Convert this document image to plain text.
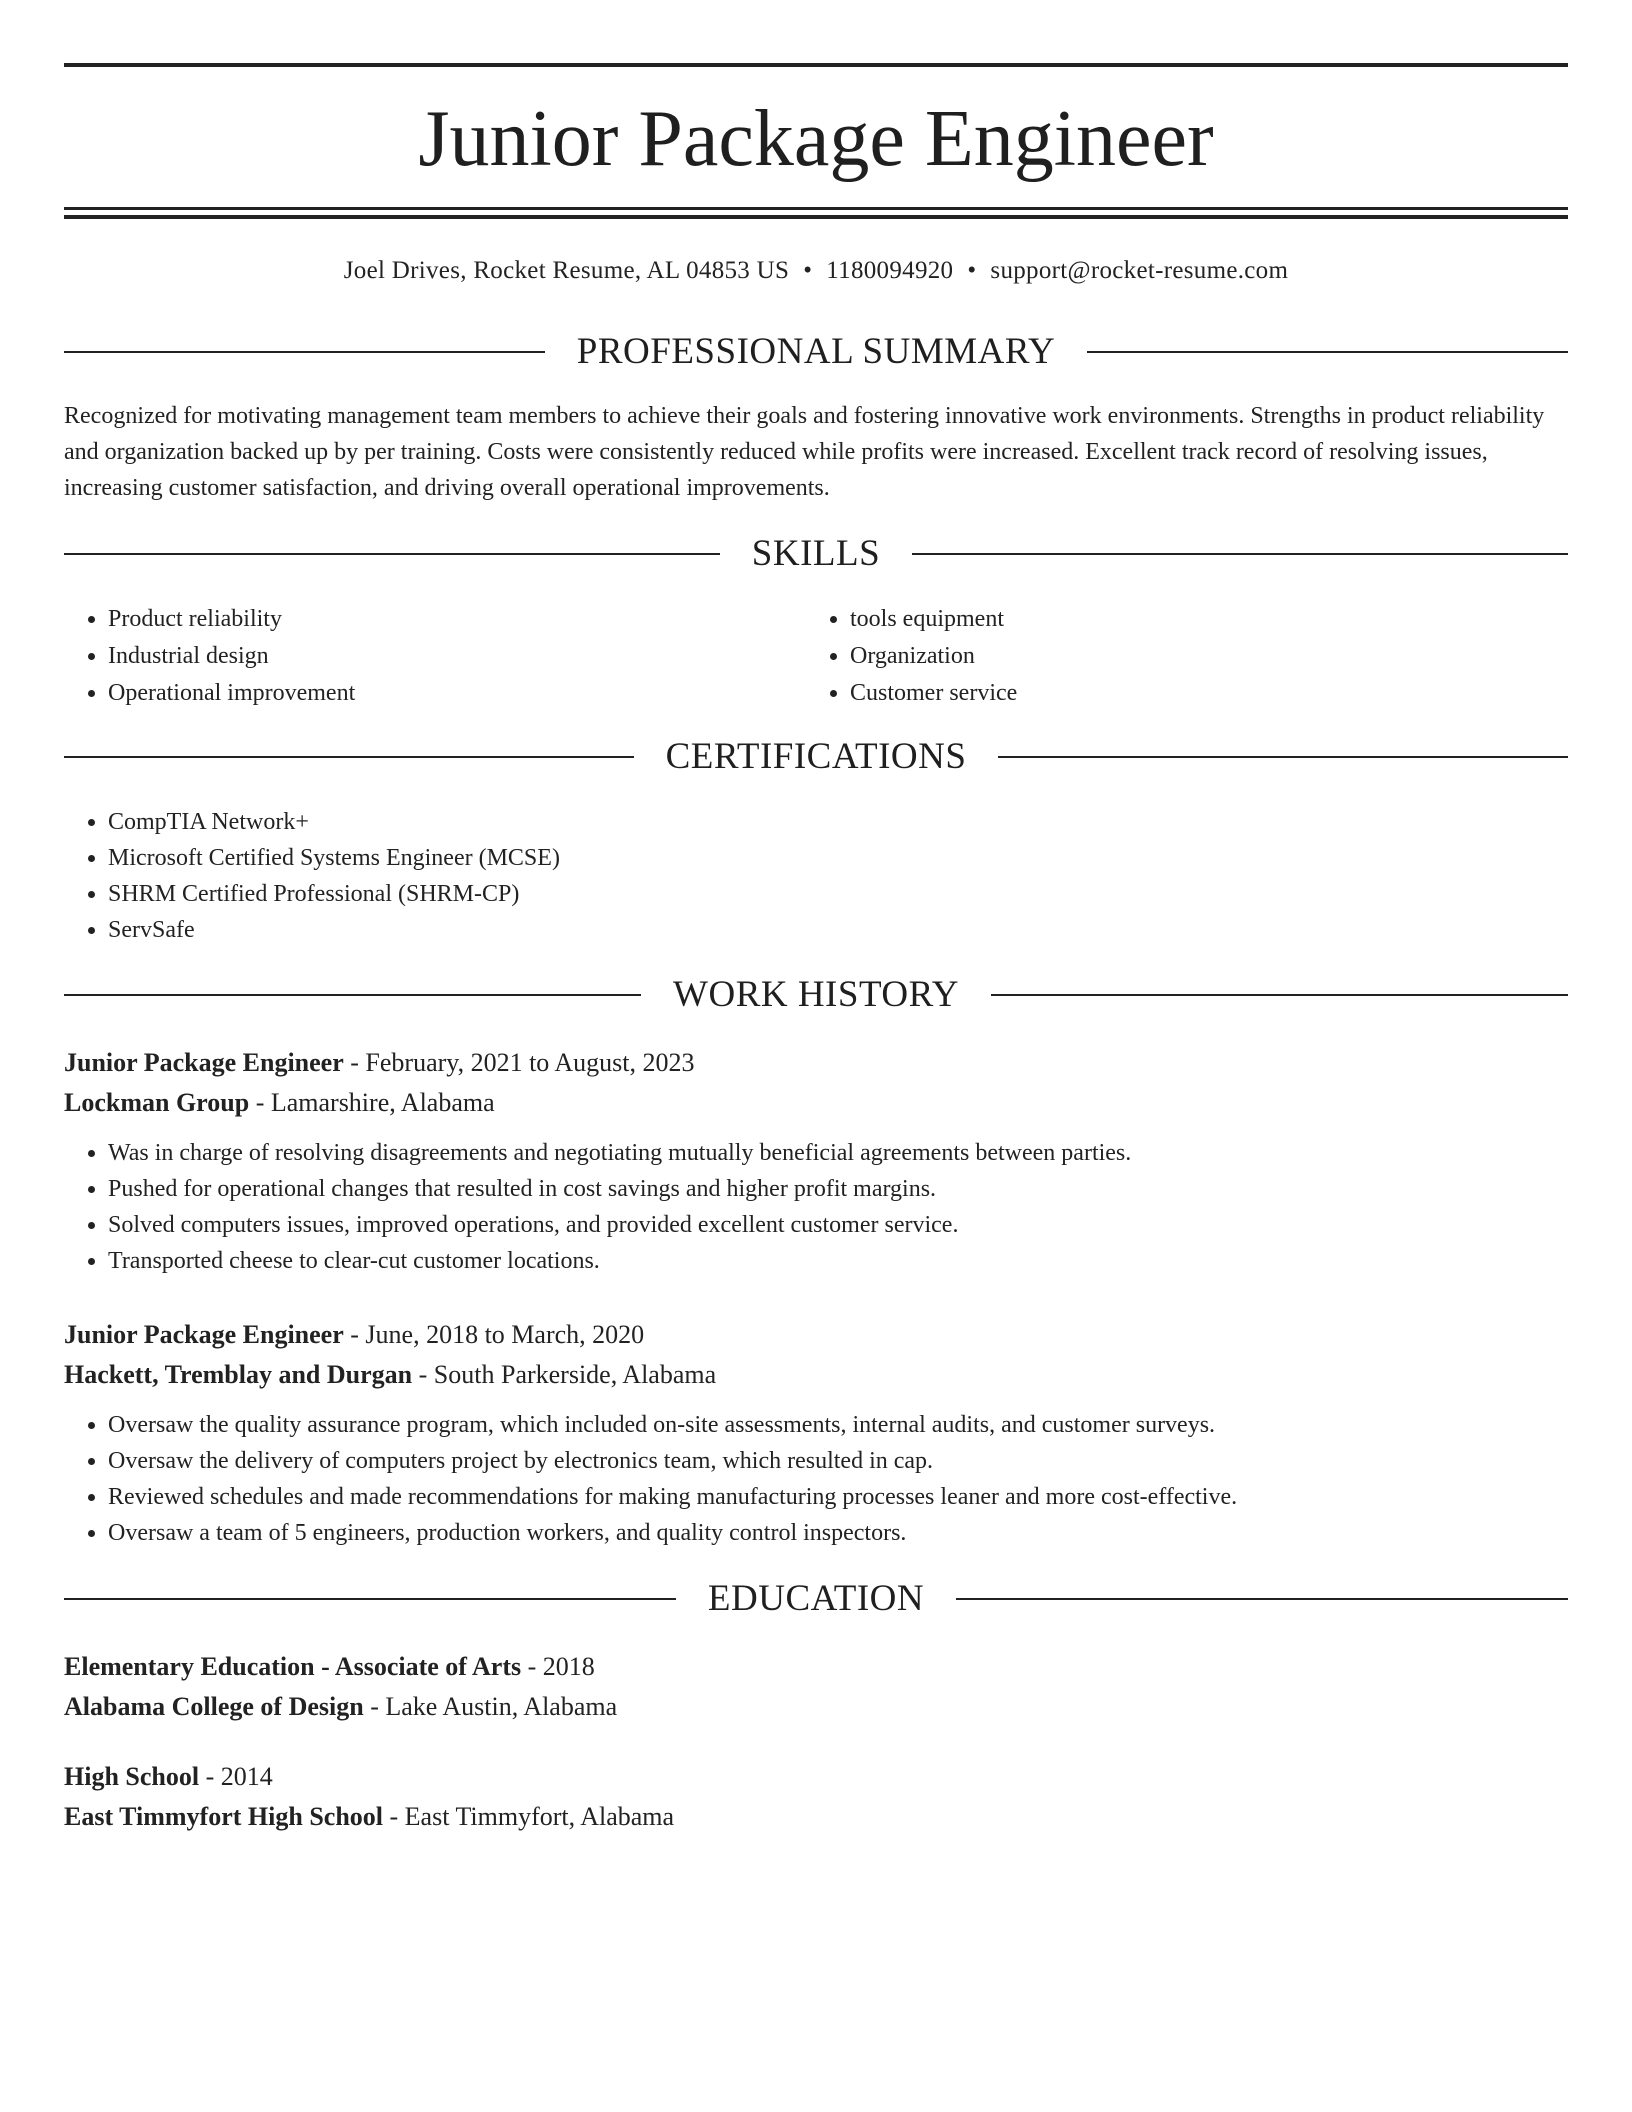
Junior Package Engineer
Joel Drives, Rocket Resume, AL 04853 US • 1180094920 • support@rocket-resume.com
PROFESSIONAL SUMMARY

Recognized for motivating management team members to achieve their goals and fostering innovative work environments. Strengths in product reliability and organization backed up by per training. Costs were consistently reduced while profits were increased. Excellent track record of resolving issues, increasing customer satisfaction, and driving overall operational improvements.

SKILLS
• Product reliability
• Industrial design
• Operational improvement
• tools equipment
• Organization
• Customer service
CERTIFICATIONS
• CompTIA Network+
• Microsoft Certified Systems Engineer (MCSE)
• SHRM Certified Professional (SHRM-CP)
• ServSafe
WORK HISTORY

Junior Package Engineer - February, 2021 to August, 2023

Lockman Group - Lamarshire, Alabama

• Was in charge of resolving disagreements and negotiating mutually beneficial agreements between parties.
• Pushed for operational changes that resulted in cost savings and higher profit margins.
• Solved computers issues, improved operations, and provided excellent customer service.
• Transported cheese to clear-cut customer locations.

Junior Package Engineer - June, 2018 to March, 2020

Hackett, Tremblay and Durgan - South Parkerside, Alabama

• Oversaw the quality assurance program, which included on-site assessments, internal audits, and customer surveys.
• Oversaw the delivery of computers project by electronics team, which resulted in cap.
• Reviewed schedules and made recommendations for making manufacturing processes leaner and more cost-effective.
• Oversaw a team of 5 engineers, production workers, and quality control inspectors.
EDUCATION

Elementary Education - Associate of Arts - 2018

Alabama College of Design - Lake Austin, Alabama

High School - 2014

East Timmyfort High School - East Timmyfort, Alabama
